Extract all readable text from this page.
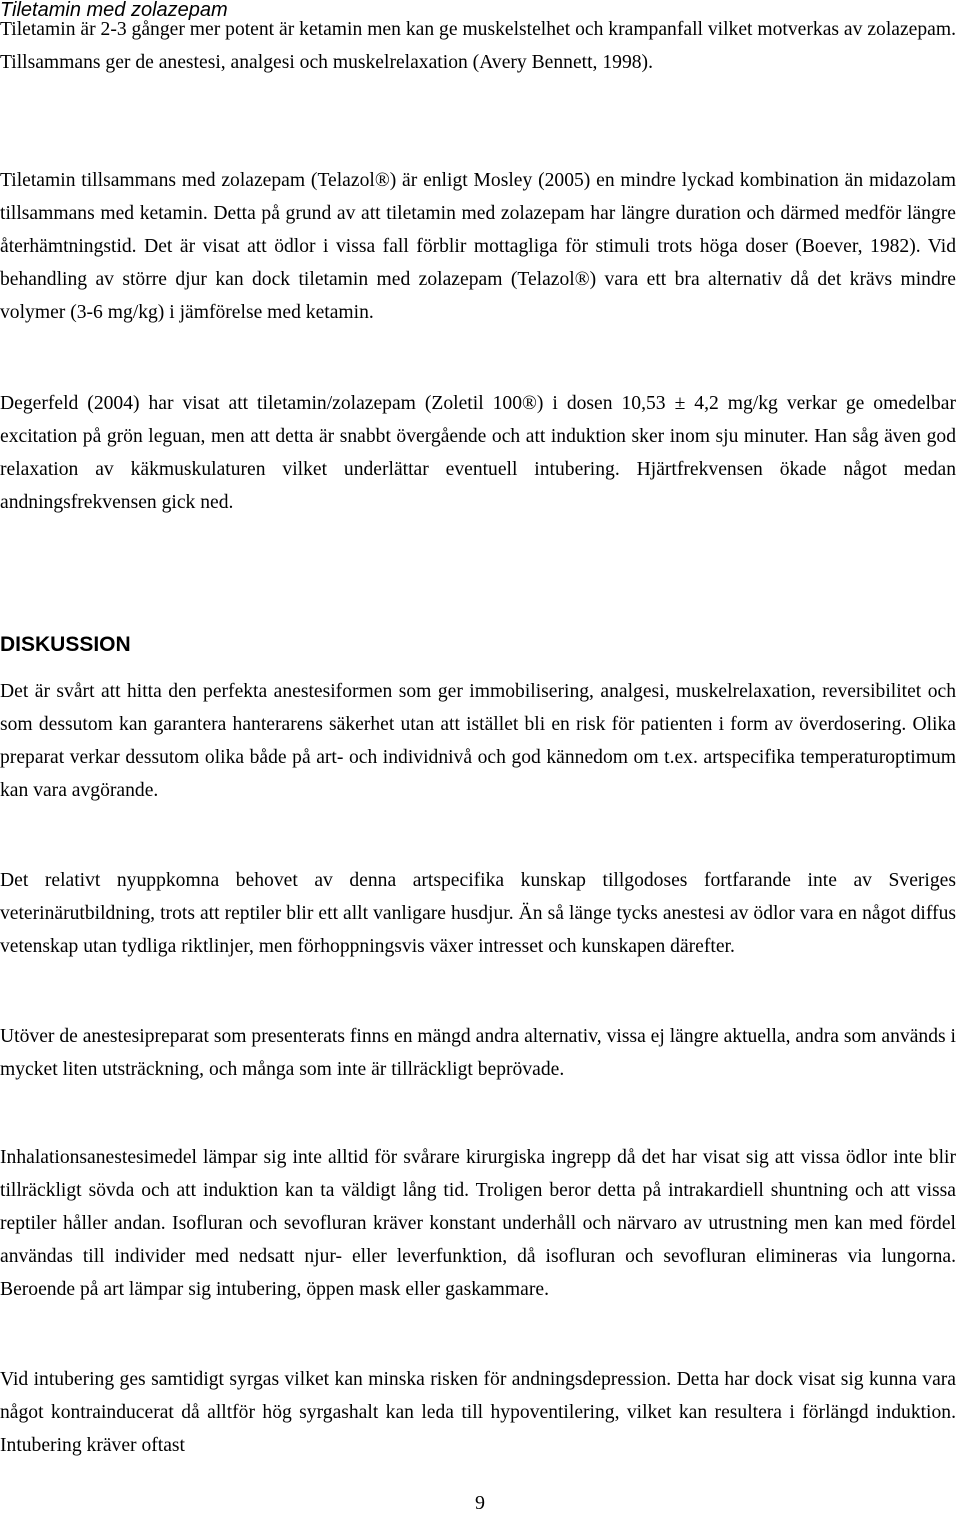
Tiletamin med zolazepam

Tiletamin är 2-3 gånger mer potent är ketamin men kan ge muskelstelhet och krampanfall vilket motverkas av zolazepam. Tillsammans ger de anestesi, analgesi och muskelrelaxation (Avery Bennett, 1998).

Tiletamin tillsammans med zolazepam (Telazol®) är enligt Mosley (2005) en mindre lyckad kombination än midazolam tillsammans med ketamin. Detta på grund av att tiletamin med zolazepam har längre duration och därmed medför längre återhämtningstid. Det är visat att ödlor i vissa fall förblir mottagliga för stimuli trots höga doser (Boever, 1982). Vid behandling av större djur kan dock tiletamin med zolazepam (Telazol®) vara ett bra alternativ då det krävs mindre volymer (3-6 mg/kg) i jämförelse med ketamin.

Degerfeld (2004) har visat att tiletamin/zolazepam (Zoletil 100®) i dosen 10,53 ± 4,2 mg/kg verkar ge omedelbar excitation på grön leguan, men att detta är snabbt övergående och att induktion sker inom sju minuter. Han såg även god relaxation av käkmuskulaturen vilket underlättar eventuell intubering. Hjärtfrekvensen ökade något medan andningsfrekvensen gick ned.

DISKUSSION

Det är svårt att hitta den perfekta anestesiformen som ger immobilisering, analgesi, muskelrelaxation, reversibilitet och som dessutom kan garantera hanterarens säkerhet utan att istället bli en risk för patienten i form av överdosering. Olika preparat verkar dessutom olika både på art- och individnivå och god kännedom om t.ex. artspecifika temperaturoptimum kan vara avgörande.

Det relativt nyuppkomna behovet av denna artspecifika kunskap tillgodoses fortfarande inte av Sveriges veterinärutbildning, trots att reptiler blir ett allt vanligare husdjur. Än så länge tycks anestesi av ödlor vara en något diffus vetenskap utan tydliga riktlinjer, men förhoppningsvis växer intresset och kunskapen därefter.

Utöver de anestesipreparat som presenterats finns en mängd andra alternativ, vissa ej längre aktuella, andra som används i mycket liten utsträckning, och många som inte är tillräckligt beprövade.

Inhalationsanestesimedel lämpar sig inte alltid för svårare kirurgiska ingrepp då det har visat sig att vissa ödlor inte blir tillräckligt sövda och att induktion kan ta väldigt lång tid. Troligen beror detta på intrakardiell shuntning och att vissa reptiler håller andan. Isofluran och sevofluran kräver konstant underhåll och närvaro av utrustning men kan med fördel användas till individer med nedsatt njur- eller leverfunktion, då isofluran och sevofluran elimineras via lungorna. Beroende på art lämpar sig intubering, öppen mask eller gaskammare.

Vid intubering ges samtidigt syrgas vilket kan minska risken för andningsdepression. Detta har dock visat sig kunna vara något kontrainducerat då alltför hög syrgashalt kan leda till hypoventilering, vilket kan resultera i förlängd induktion. Intubering kräver oftast

9
